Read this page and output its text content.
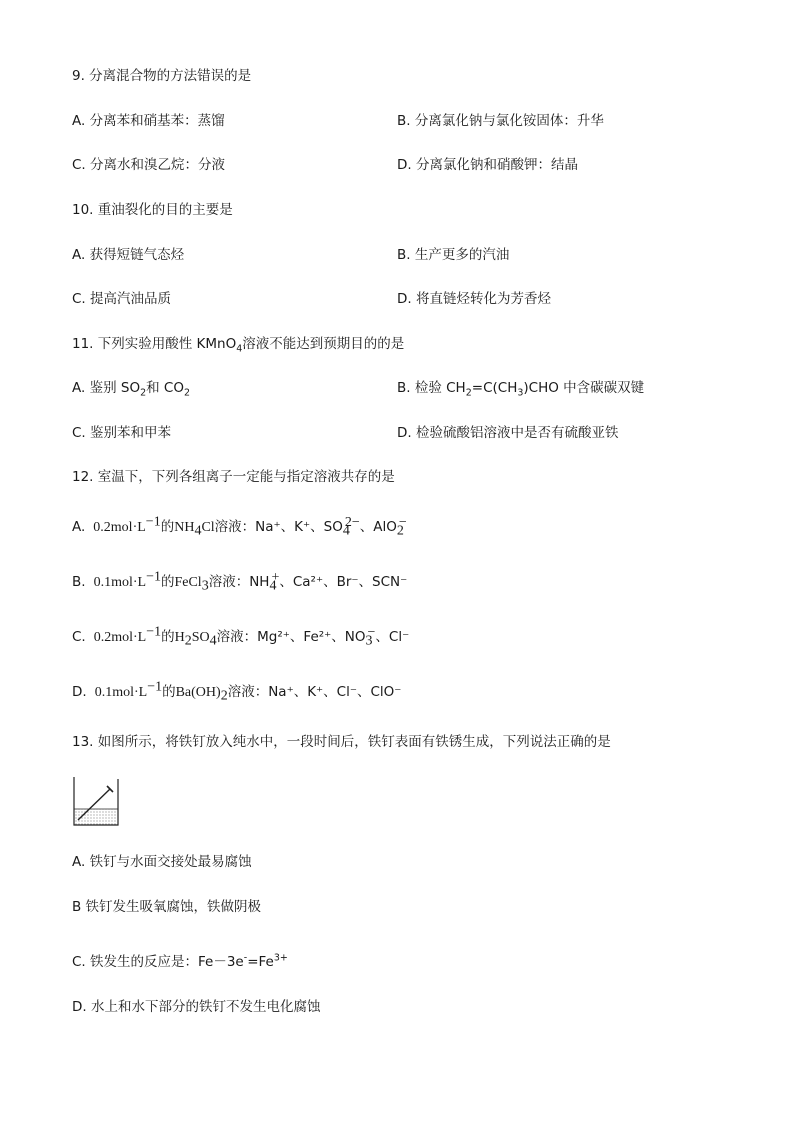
9. 分离混合物的方法错误的是
A. 分离苯和硝基苯：蒸馏	B. 分离氯化钠与氯化铵固体：升华
C. 分离水和溴乙烷：分液	D. 分离氯化钠和硝酸钾：结晶
10. 重油裂化的目的主要是
A. 获得短链气态烃	B. 生产更多的汽油
C. 提高汽油品质	D. 将直链烃转化为芳香烃
11. 下列实验用酸性 KMnO$_4$溶液不能达到预期目的的是
A. 鉴别 $SO_2$和 $CO_2$	B. 检验 $CH_2=C(CH_3)CHO$ 中含碳碳双键
C. 鉴别苯和甲苯	D. 检验硫酸铝溶液中是否有硫酸亚铁
12. 室温下，下列各组离子一定能与指定溶液共存的是
A. $0.2mol\cdot L^{-1}$的$NH_4Cl$溶液：Na⁺、K⁺、$SO_4^{2-}$、AlO$_2$−
B. $0.1mol\cdot L^{-1}$的FeCl$_3$溶液：$NH_4^+$、Ca²⁺、Br⁻、SCN⁻
C. $0.2mol\cdot L^{-1}$的$H_2SO_4$溶液：Mg²⁺、Fe²⁺、$NO_3^-$、Cl⁻
D. $0.1mol\cdot L^{-1}$的$Ba(OH)_2$溶液：Na⁺、K⁺、Cl⁻、ClO⁻
13. 如图所示，将铁钉放入纯水中，一段时间后，铁钉表面有铁锈生成，下列说法正确的是
A. 铁钉与水面交接处最易腐蚀
B 铁钉发生吸氧腐蚀，铁做阴极
C. 铁发生的反应是：$Fe-3e^-=Fe^{3+}$
D. 水上和水下部分的铁钉不发生电化腐蚀
